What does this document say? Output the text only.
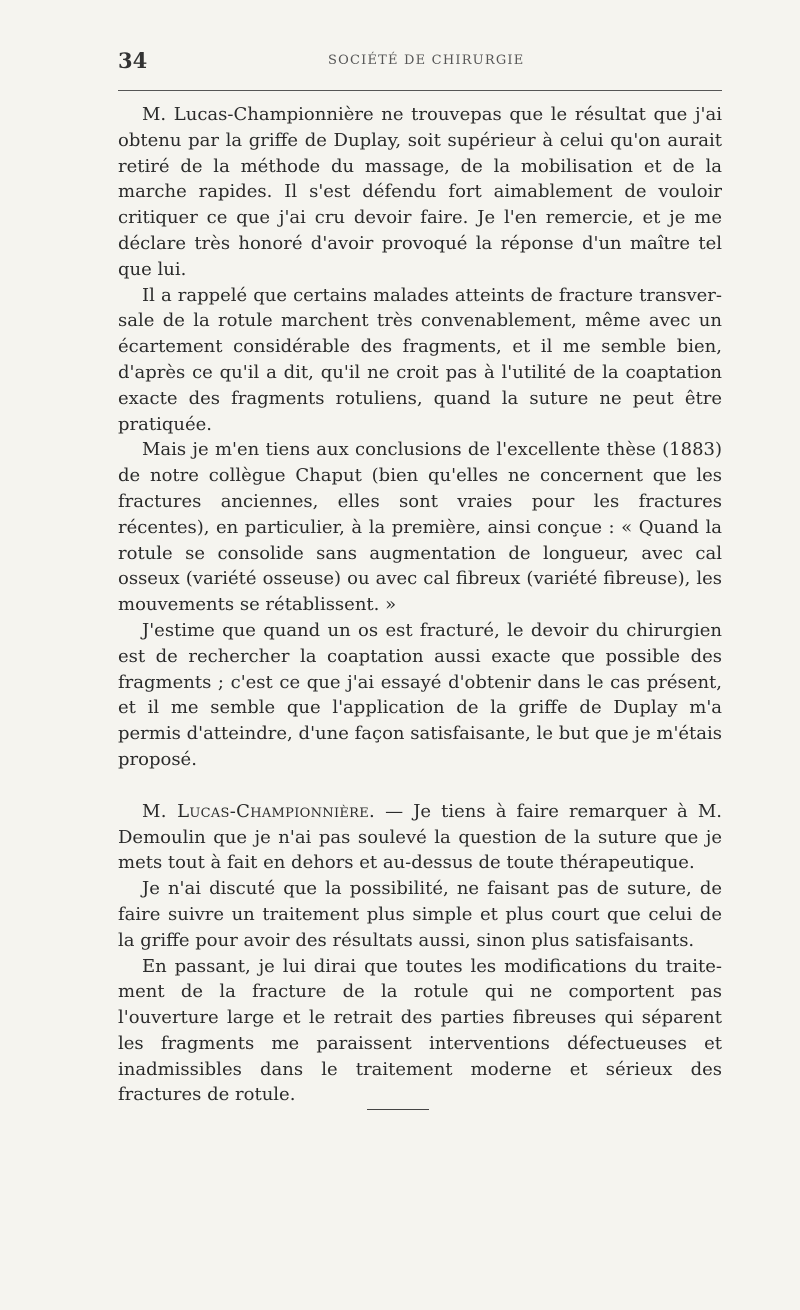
34	SOCIÉTÉ DE CHIRURGIE

M. Lucas-Championnière ne trouvepas que le résultat que j'ai obtenu par la griffe de Duplay, soit supérieur à celui qu'on aurait retiré de la méthode du massage, de la mobilisation et de la marche rapides. Il s'est défendu fort aimablement de vouloir critiquer ce que j'ai cru devoir faire. Je l'en remercie, et je me déclare très honoré d'avoir provoqué la réponse d'un maître tel que lui.

Il a rappelé que certains malades atteints de fracture transversale de la rotule marchent très convenablement, même avec un écartement considérable des fragments, et il me semble bien, d'après ce qu'il a dit, qu'il ne croit pas à l'utilité de la coaptation exacte des fragments rotuliens, quand la suture ne peut être pratiquée.

Mais je m'en tiens aux conclusions de l'excellente thèse (1883) de notre collègue Chaput (bien qu'elles ne concernent que les fractures anciennes, elles sont vraies pour les fractures récentes), en particulier, à la première, ainsi conçue : « Quand la rotule se consolide sans augmentation de longueur, avec cal osseux (variété osseuse) ou avec cal fibreux (variété fibreuse), les mouvements se rétablissent. »

J'estime que quand un os est fracturé, le devoir du chirurgien est de rechercher la coaptation aussi exacte que possible des fragments ; c'est ce que j'ai essayé d'obtenir dans le cas présent, et il me semble que l'application de la griffe de Duplay m'a permis d'atteindre, d'une façon satisfaisante, le but que je m'étais proposé.

M. Lucas-Championnière. — Je tiens à faire remarquer à M. Demoulin que je n'ai pas soulevé la question de la suture que je mets tout à fait en dehors et au-dessus de toute thérapeutique.

Je n'ai discuté que la possibilité, ne faisant pas de suture, de faire suivre un traitement plus simple et plus court que celui de la griffe pour avoir des résultats aussi, sinon plus satisfaisants.

En passant, je lui dirai que toutes les modifications du traitement de la fracture de la rotule qui ne comportent pas l'ouverture large et le retrait des parties fibreuses qui séparent les fragments me paraissent interventions défectueuses et inadmissibles dans le traitement moderne et sérieux des fractures de rotule.
